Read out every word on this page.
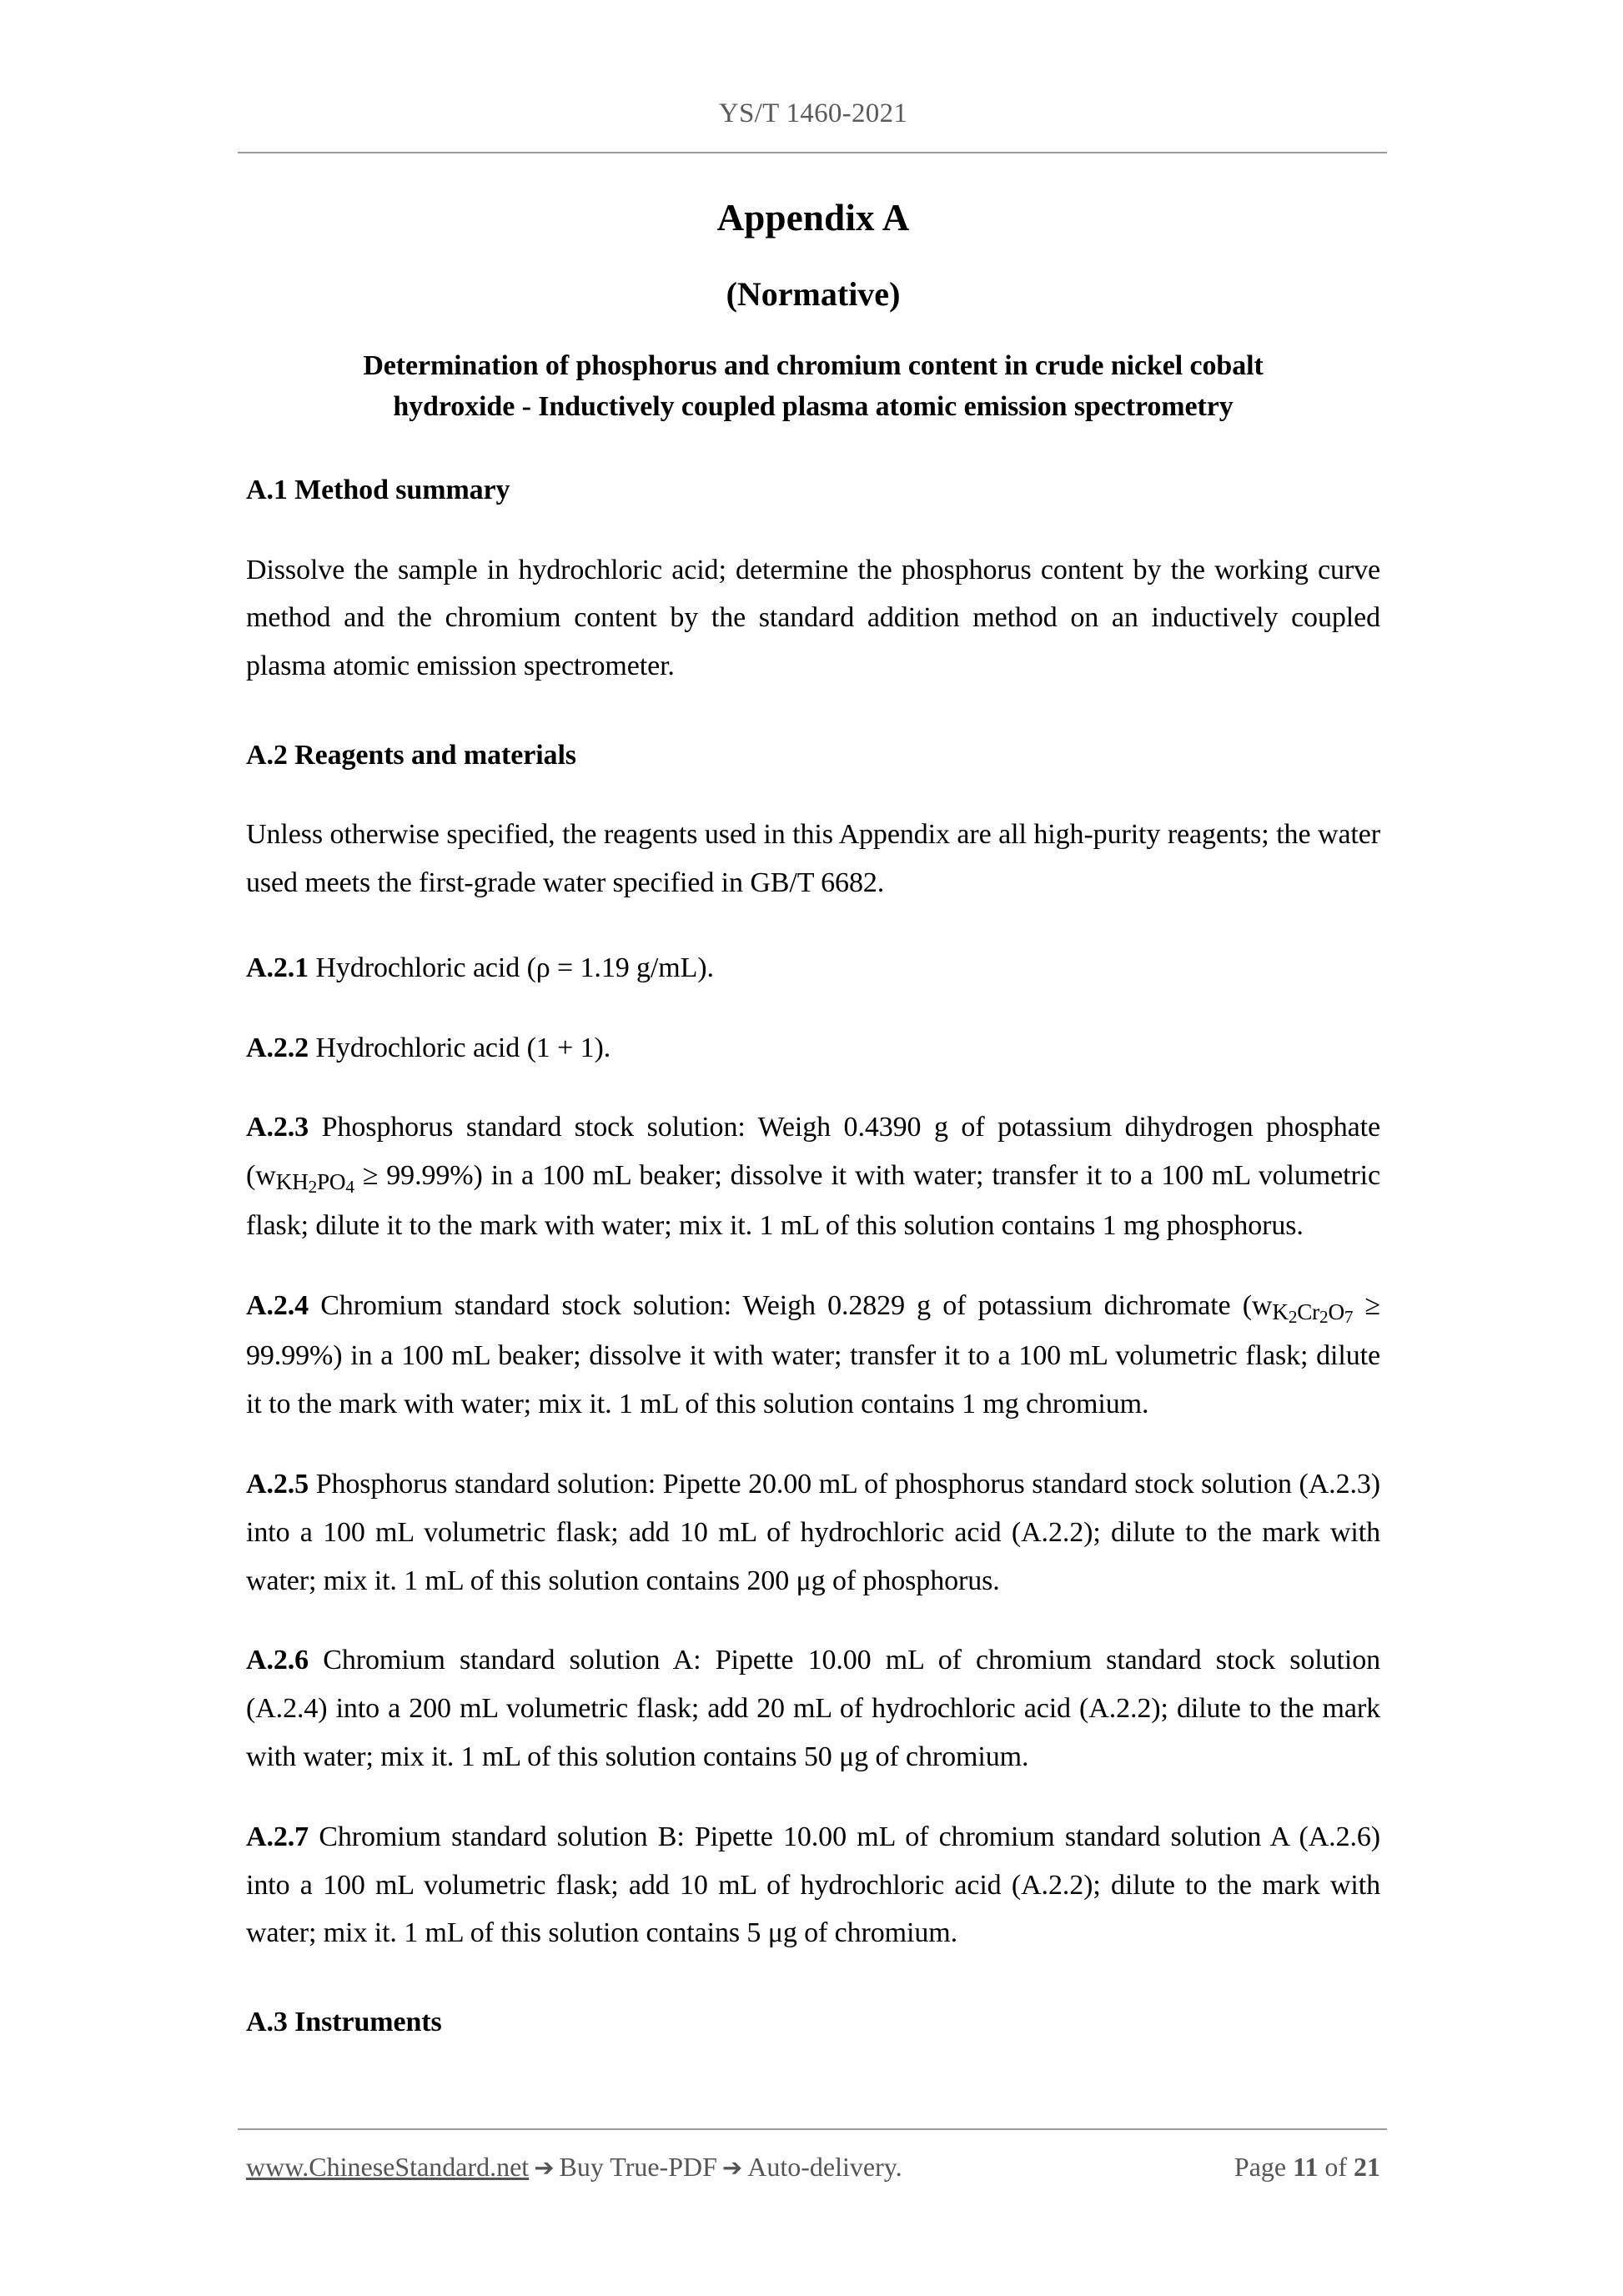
YS/T 1460-2021
Appendix A
(Normative)
Determination of phosphorus and chromium content in crude nickel cobalt
hydroxide - Inductively coupled plasma atomic emission spectrometry
A.1 Method summary

Dissolve the sample in hydrochloric acid; determine the phosphorus content by the working curve method and the chromium content by the standard addition method on an inductively coupled plasma atomic emission spectrometer.

A.2 Reagents and materials

Unless otherwise specified, the reagents used in this Appendix are all high-purity reagents; the water used meets the first-grade water specified in GB/T 6682.

A.2.1 Hydrochloric acid (ρ = 1.19 g/mL).

A.2.2 Hydrochloric acid (1 + 1).

A.2.3 Phosphorus standard stock solution: Weigh 0.4390 g of potassium dihydrogen phosphate $(wKH_2PO_4 \ge 99.99\%)$ in a 100 mL beaker; dissolve it with water; transfer it to a 100 mL volumetric flask; dilute it to the mark with water; mix it. 1 mL of this solution contains 1 mg phosphorus.

A.2.4 Chromium standard stock solution: Weigh 0.2829 g of potassium dichromate $(wK_2Cr_2O_7 \ge 99.99\%)$ in a 100 mL beaker; dissolve it with water; transfer it to a 100 mL volumetric flask; dilute it to the mark with water; mix it. 1 mL of this solution contains 1 mg chromium.

A.2.5 Phosphorus standard solution: Pipette 20.00 mL of phosphorus standard stock solution (A.2.3) into a 100 mL volumetric flask; add 10 mL of hydrochloric acid (A.2.2); dilute to the mark with water; mix it. 1 mL of this solution contains 200 μg of phosphorus.

A.2.6 Chromium standard solution A: Pipette 10.00 mL of chromium standard stock solution (A.2.4) into a 200 mL volumetric flask; add 20 mL of hydrochloric acid (A.2.2); dilute to the mark with water; mix it. 1 mL of this solution contains 50 μg of chromium.

A.2.7 Chromium standard solution B: Pipette 10.00 mL of chromium standard solution A (A.2.6) into a 100 mL volumetric flask; add 10 mL of hydrochloric acid (A.2.2); dilute to the mark with water; mix it. 1 mL of this solution contains 5 μg of chromium.

A.3 Instruments
www.ChineseStandard.net ➔ Buy True-PDF ➔ Auto-delivery.	Page 11 of 21
